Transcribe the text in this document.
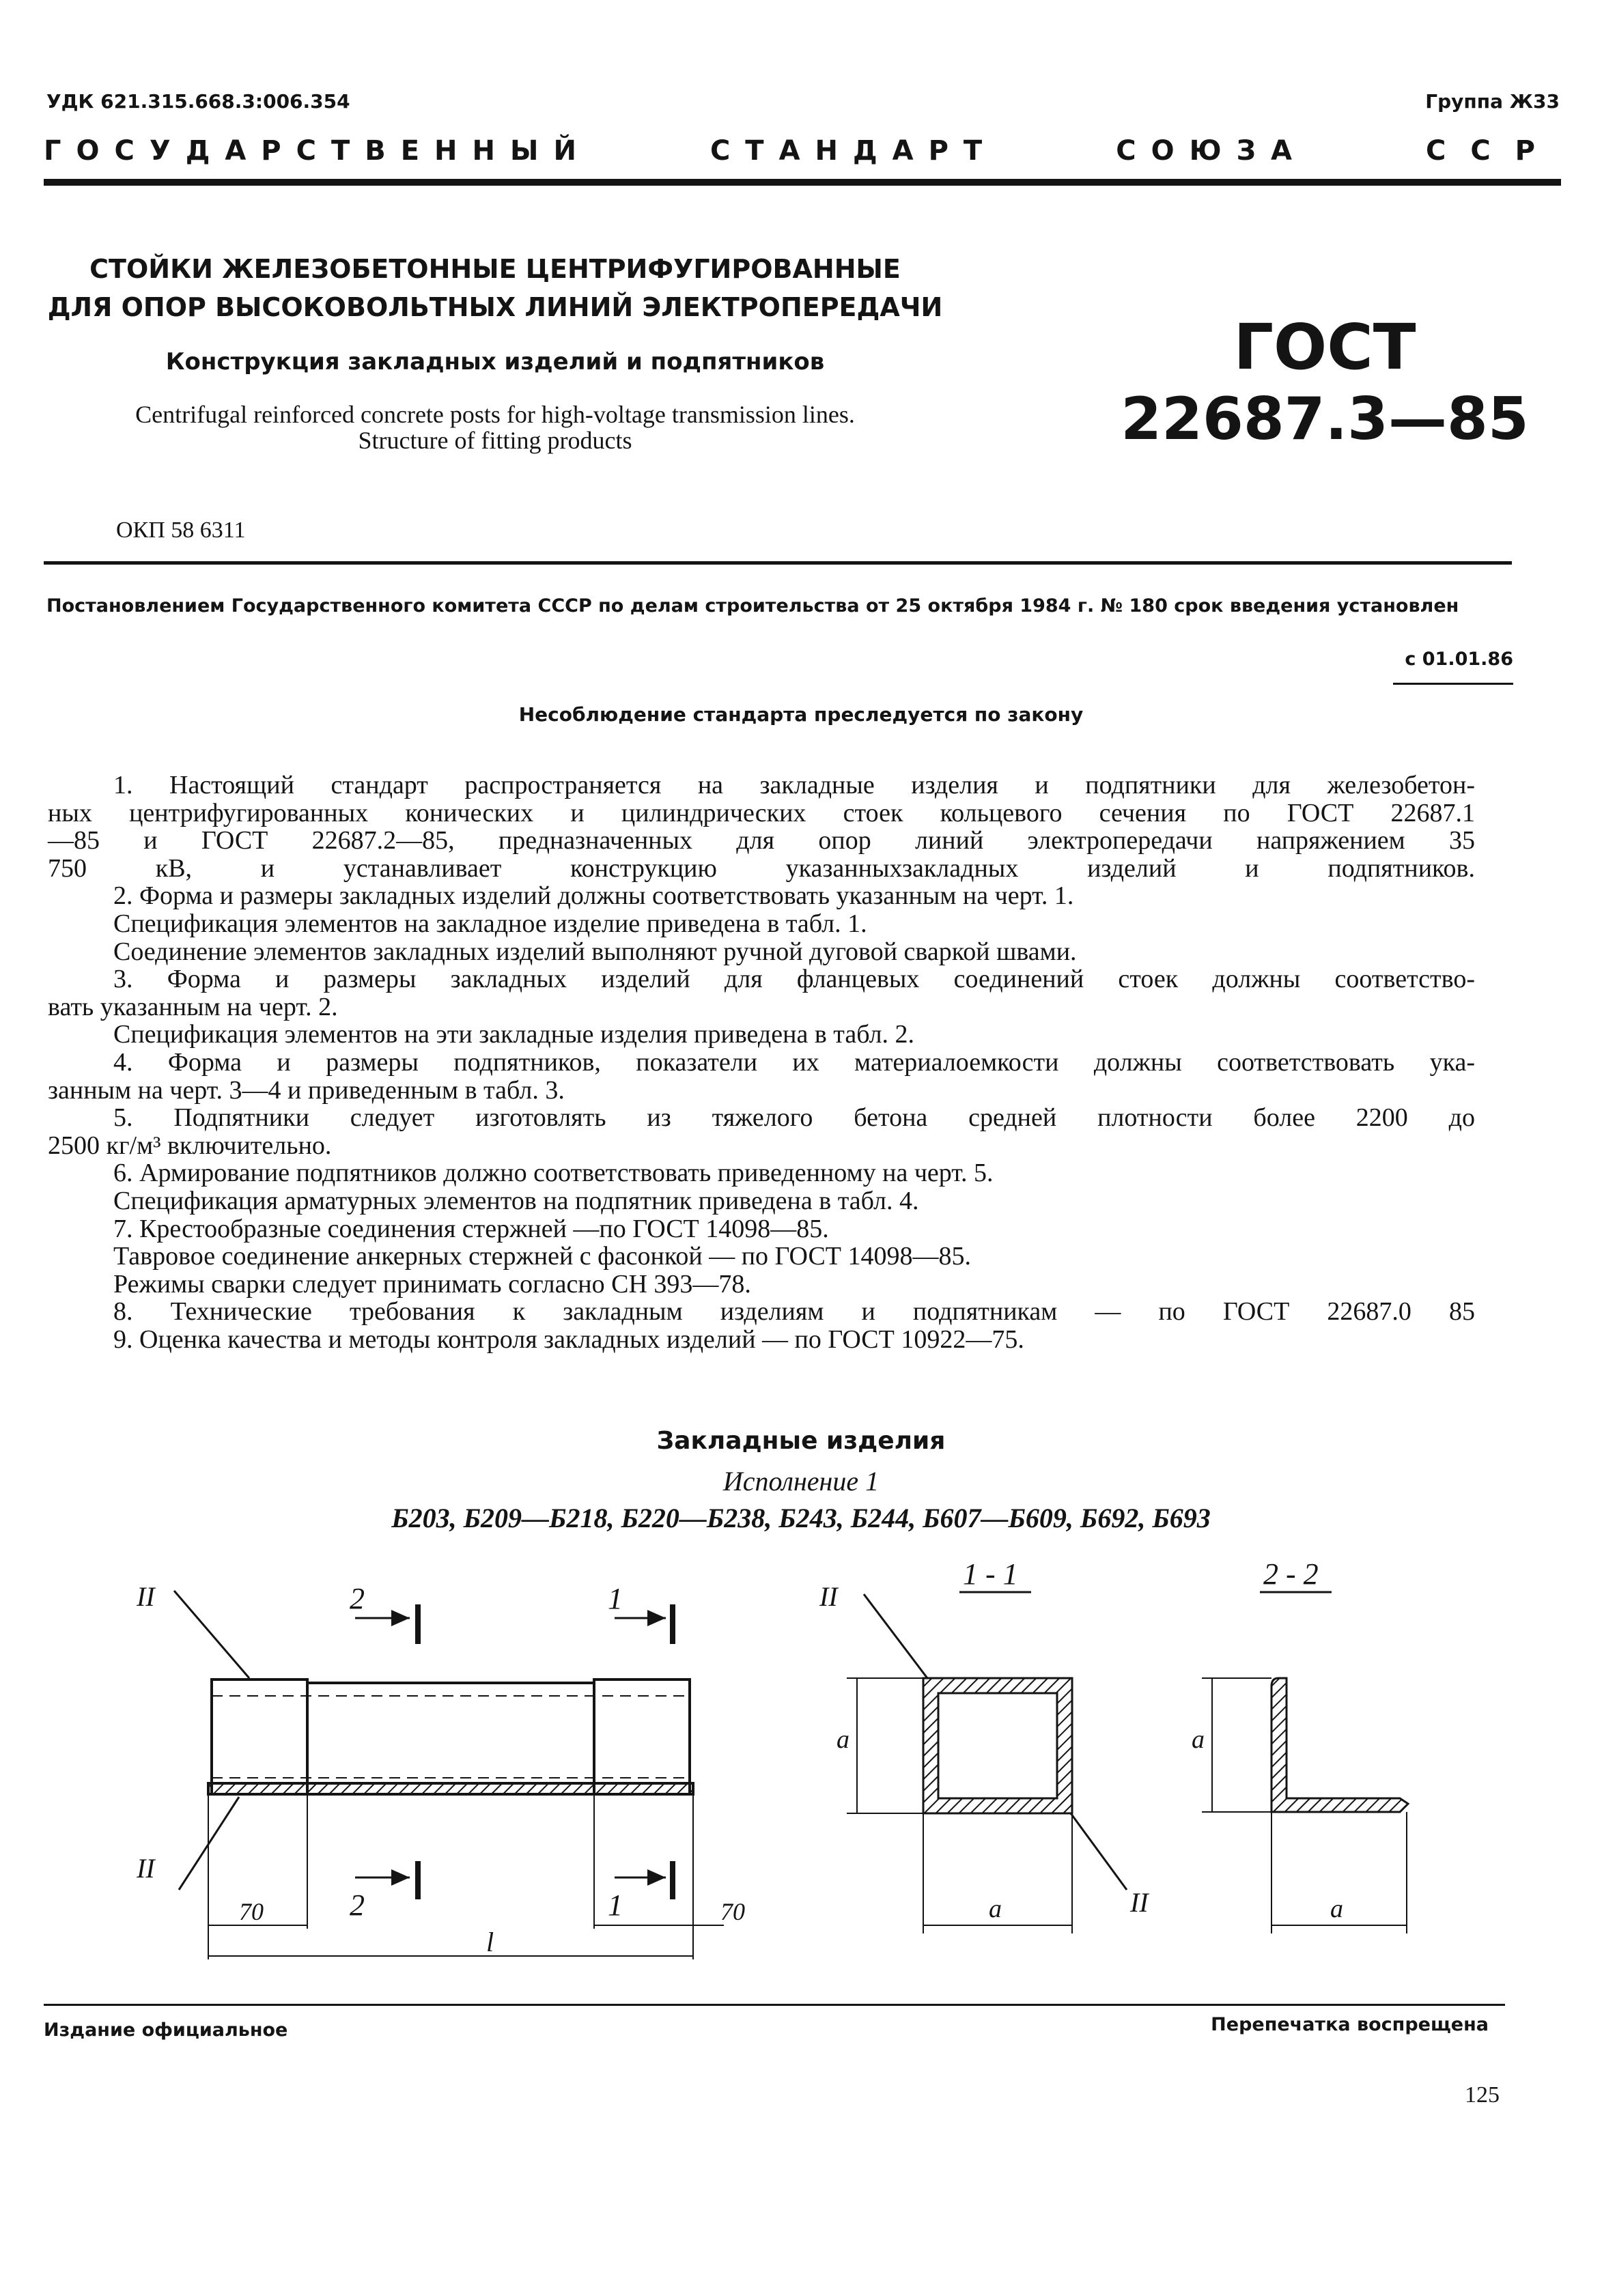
УДК 621.315.668.3:006.354	Группа Ж33
ГОСУДАРСТВЕННЫЙ	СТАНДАРТ	СОЮЗА	ССР
СТОЙКИ ЖЕЛЕЗОБЕТОННЫЕ ЦЕНТРИФУГИРОВАННЫЕ
ДЛЯ ОПОР ВЫСОКОВОЛЬТНЫХ ЛИНИЙ ЭЛЕКТРОПЕРЕДАЧИ
Конструкция закладных изделий и подпятников
Centrifugal reinforced concrete posts for high-voltage transmission lines.
Structure of fitting products
ГОСТ
22687.3—85
ОКП 58 6311
Постановлением Государственного комитета СССР по делам строительства от 25 октября 1984 г. № 180 срок введения установлен
с 01.01.86
Несоблюдение стандарта преследуется по закону
1. Настоящий стандарт распространяется на закладные изделия и подпятники для железобетон-
ных центрифугированных конических и цилиндрических стоек кольцевого сечения по ГОСТ 22687.1
—85 и ГОСТ 22687.2—85, предназначенных для опор линий электропередачи напряжением 35
750 кВ, и устанавливает конструкцию указанныхзакладных изделий и подпятников.
2. Форма и размеры закладных изделий должны соответствовать указанным на черт. 1.
Спецификация элементов на закладное изделие приведена в табл. 1.
Соединение элементов закладных изделий выполняют ручной дуговой сваркой швами.
3. Форма и размеры закладных изделий для фланцевых соединений стоек должны соответство-
вать указанным на черт. 2.
Спецификация элементов на эти закладные изделия приведена в табл. 2.
4. Форма и размеры подпятников, показатели их материалоемкости должны соответствовать ука-
занным на черт. 3—4 и приведенным в табл. 3.
5. Подпятники следует изготовлять из тяжелого бетона средней плотности более 2200 до
2500 кг/м³ включительно.
6. Армирование подпятников должно соответствовать приведенному на черт. 5.
Спецификация арматурных элементов на подпятник приведена в табл. 4.
7. Крестообразные соединения стержней —по ГОСТ 14098—85.
Тавровое соединение анкерных стержней с фасонкой — по ГОСТ 14098—85.
Режимы сварки следует принимать согласно СН 393—78.
8. Технические требования к закладным изделиям и подпятникам — по ГОСТ 22687.0 85
9. Оценка качества и методы контроля закладных изделий — по ГОСТ 10922—75.
Закладные изделия
Исполнение 1
Б203, Б209—Б218, Б220—Б238, Б243, Б244, Б607—Б609, Б692, Б693
II
II
2	1
2	1
70	70
l
1 - 1
II
a
a	II
2 - 2
a
a
Издание официальное	Перепечатка воспрещена
125
